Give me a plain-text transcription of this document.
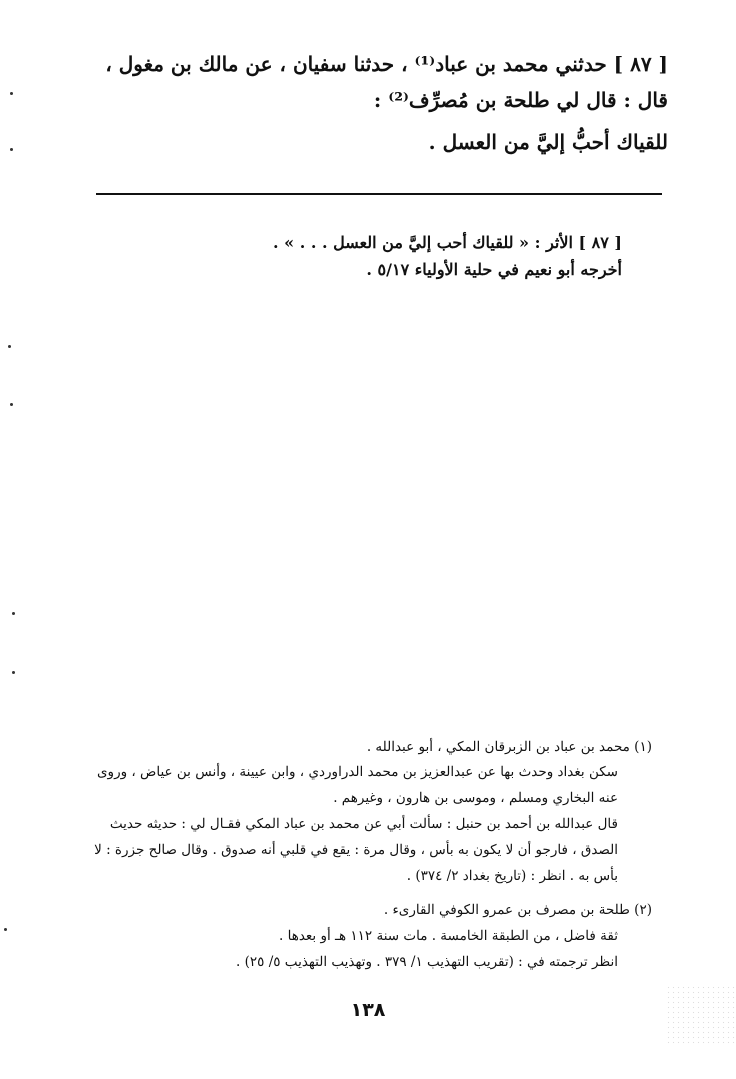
[ ٨٧ ] حدثني محمد بن عباد⁽¹⁾ ، حدثنا سفيان ، عن مالك بن مغول ،
قال : قال لي طلحة بن مُصرِّف⁽²⁾ :
للقياك أحبُّ إليَّ من العسل .
[ ٨٧ ] الأثر : « للقياك أحب إليَّ من العسل . . . » .
أخرجه أبو نعيم في حلية الأولياء ٥/١٧ .
(١) محمد بن عباد بن الزبرقان المكي ، أبو عبدالله .
سكن بغداد وحدث بها عن عبدالعزيز بن محمد الدراوردي ، وابن عيينة ، وأنس بن عياض ، وروى
عنه البخاري ومسلم ، وموسى بن هارون ، وغيرهم .
قال عبدالله بن أحمد بن حنبل : سألت أبي عن محمد بن عباد المكي فقـال لي : حديثه حديث
الصدق ، فارجو أن لا يكون به بأس ، وقال مرة : يقع في قلبي أنه صدوق . وقال صالح جزرة : لا
بأس به . انظر : (تاريخ بغداد ٢/ ٣٧٤) .
(٢) طلحة بن مصرف بن عمرو الكوفي القارىء .
ثقة فاضل ، من الطبقة الخامسة . مات سنة ١١٢ هـ أو بعدها .
انظر ترجمته في : (تقريب التهذيب ١/ ٣٧٩ . وتهذيب التهذيب ٥/ ٢٥) .
١٣٨
